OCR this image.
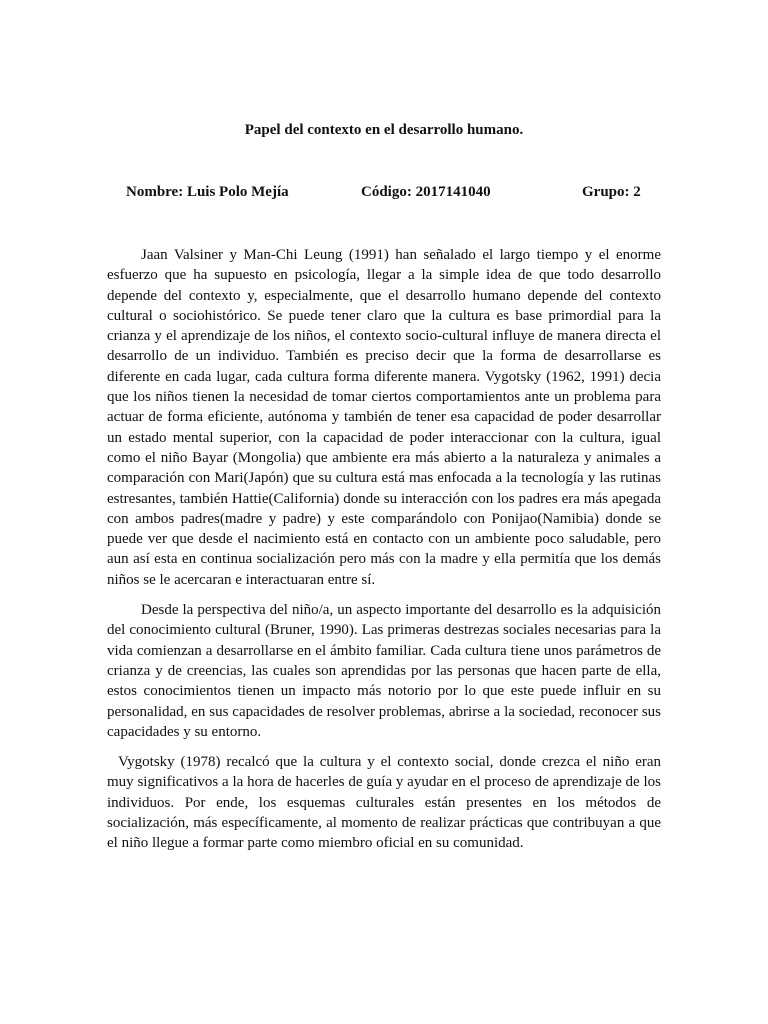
Papel del contexto en el desarrollo humano.
Nombre: Luis Polo Mejía	Código: 2017141040	Grupo: 2

Jaan Valsiner y Man-Chi Leung (1991) han señalado el largo tiempo y el enorme esfuerzo que ha supuesto en psicología, llegar a la simple idea de que todo desarrollo depende del contexto y, especialmente, que el desarrollo humano depende del contexto cultural o sociohistórico. Se puede tener claro que la cultura es base primordial para la crianza y el aprendizaje de los niños, el contexto socio-cultural influye de manera directa el desarrollo de un individuo. También es preciso decir que la forma de desarrollarse es diferente en cada lugar, cada cultura forma diferente manera. Vygotsky (1962, 1991) decia que los niños tienen la necesidad de tomar ciertos comportamientos ante un problema para actuar de forma eficiente, autónoma y también de tener esa capacidad de poder desarrollar un estado mental superior, con la capacidad de poder interaccionar con la cultura, igual como el niño Bayar (Mongolia) que ambiente era más abierto a la naturaleza y animales a comparación con Mari(Japón) que su cultura está mas enfocada a la tecnología y las rutinas estresantes, también Hattie(California) donde su interacción con los padres era más apegada con ambos padres(madre y padre) y este comparándolo con Ponijao(Namibia) donde se puede ver que desde el nacimiento está en contacto con un ambiente poco saludable, pero aun así esta en continua socialización pero más con la madre y ella permitía que los demás niños se le acercaran e interactuaran entre sí.

Desde la perspectiva del niño/a, un aspecto importante del desarrollo es la adquisición del conocimiento cultural (Bruner, 1990). Las primeras destrezas sociales necesarias para la vida comienzan a desarrollarse en el ámbito familiar. Cada cultura tiene unos parámetros de crianza y de creencias, las cuales son aprendidas por las personas que hacen parte de ella, estos conocimientos tienen un impacto más notorio por lo que este puede influir en su personalidad, en sus capacidades de resolver problemas, abrirse a la sociedad, reconocer sus capacidades y su entorno.

Vygotsky (1978) recalcó que la cultura y el contexto social, donde crezca el niño eran muy significativos a la hora de hacerles de guía y ayudar en el proceso de aprendizaje de los individuos. Por ende, los esquemas culturales están presentes en los métodos de socialización, más específicamente, al momento de realizar prácticas que contribuyan a que el niño llegue a formar parte como miembro oficial en su comunidad.
